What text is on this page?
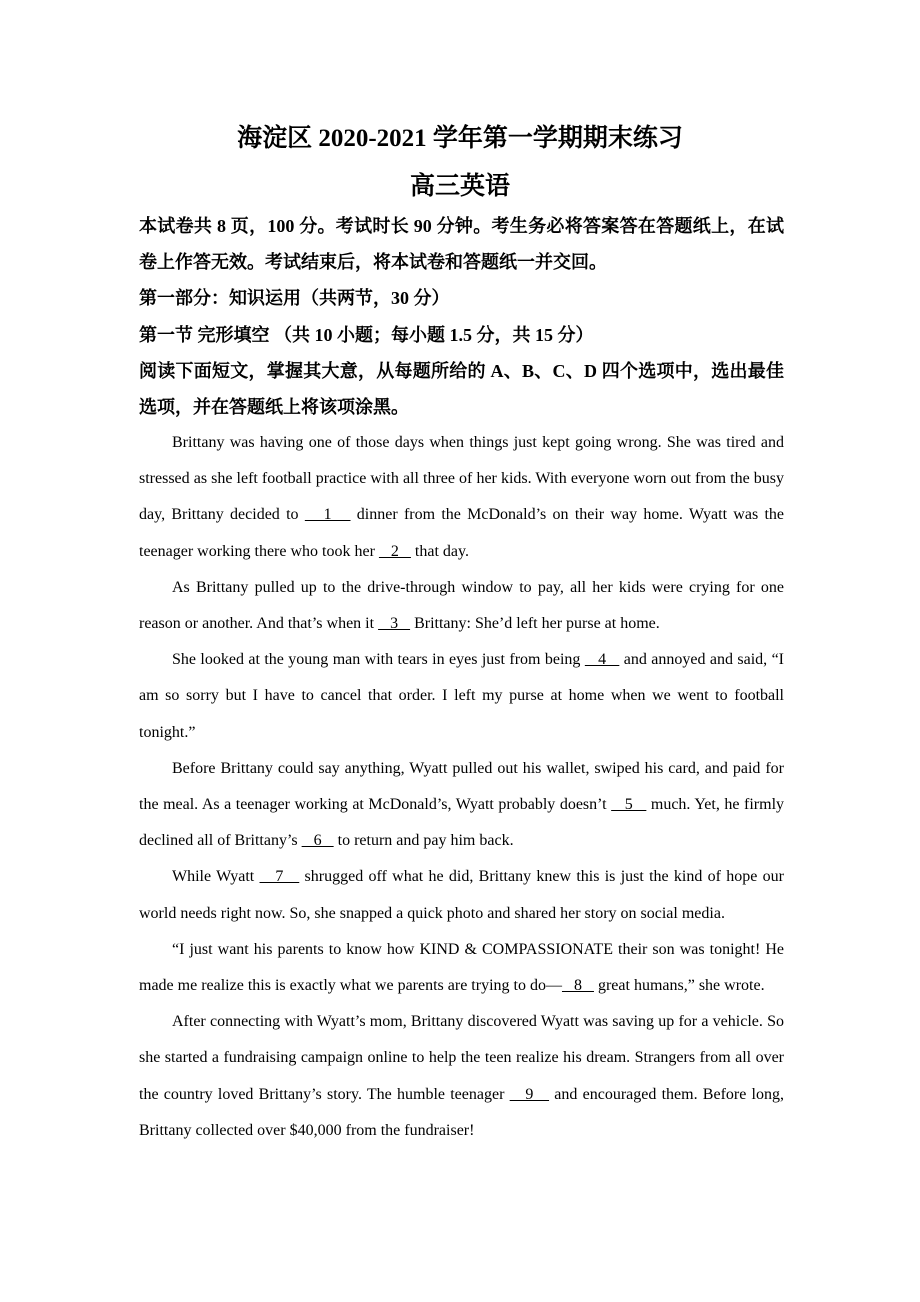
海淀区 2020-2021 学年第一学期期末练习
高三英语

本试卷共 8 页，100 分。考试时长 90 分钟。考生务必将答案答在答题纸上，在试卷上作答无效。考试结束后，将本试卷和答题纸一并交回。

第一部分：知识运用（共两节，30 分）

第一节 完形填空 （共 10 小题；每小题 1.5 分，共 15 分）

阅读下面短文，掌握其大意，从每题所给的 A、B、C、D 四个选项中，选出最佳选项，并在答题纸上将该项涂黑。

Brittany was having one of those days when things just kept going wrong. She was tired and stressed as she left football practice with all three of her kids. With everyone worn out from the busy day, Brittany decided to    1    dinner from the McDonald’s on their way home. Wyatt was the teenager working there who took her    2    that day.

As Brittany pulled up to the drive-through window to pay, all her kids were crying for one reason or another. And that’s when it    3    Brittany: She’d left her purse at home.

She looked at the young man with tears in eyes just from being    4    and annoyed and said, “I am so sorry but I have to cancel that order. I left my purse at home when we went to football tonight.”

Before Brittany could say anything, Wyatt pulled out his wallet, swiped his card, and paid for the meal. As a teenager working at McDonald’s, Wyatt probably doesn’t    5    much. Yet, he firmly declined all of Brittany’s    6    to return and pay him back.

While Wyatt    7    shrugged off what he did, Brittany knew this is just the kind of hope our world needs right now. So, she snapped a quick photo and shared her story on social media.

“I just want his parents to know how KIND & COMPASSIONATE their son was tonight! He made me realize this is exactly what we parents are trying to do—   8    great humans,” she wrote.

After connecting with Wyatt’s mom, Brittany discovered Wyatt was saving up for a vehicle. So she started a fundraising campaign online to help the teen realize his dream. Strangers from all over the country loved Brittany’s story. The humble teenager    9    and encouraged them. Before long, Brittany collected over $40,000 from the fundraiser!
